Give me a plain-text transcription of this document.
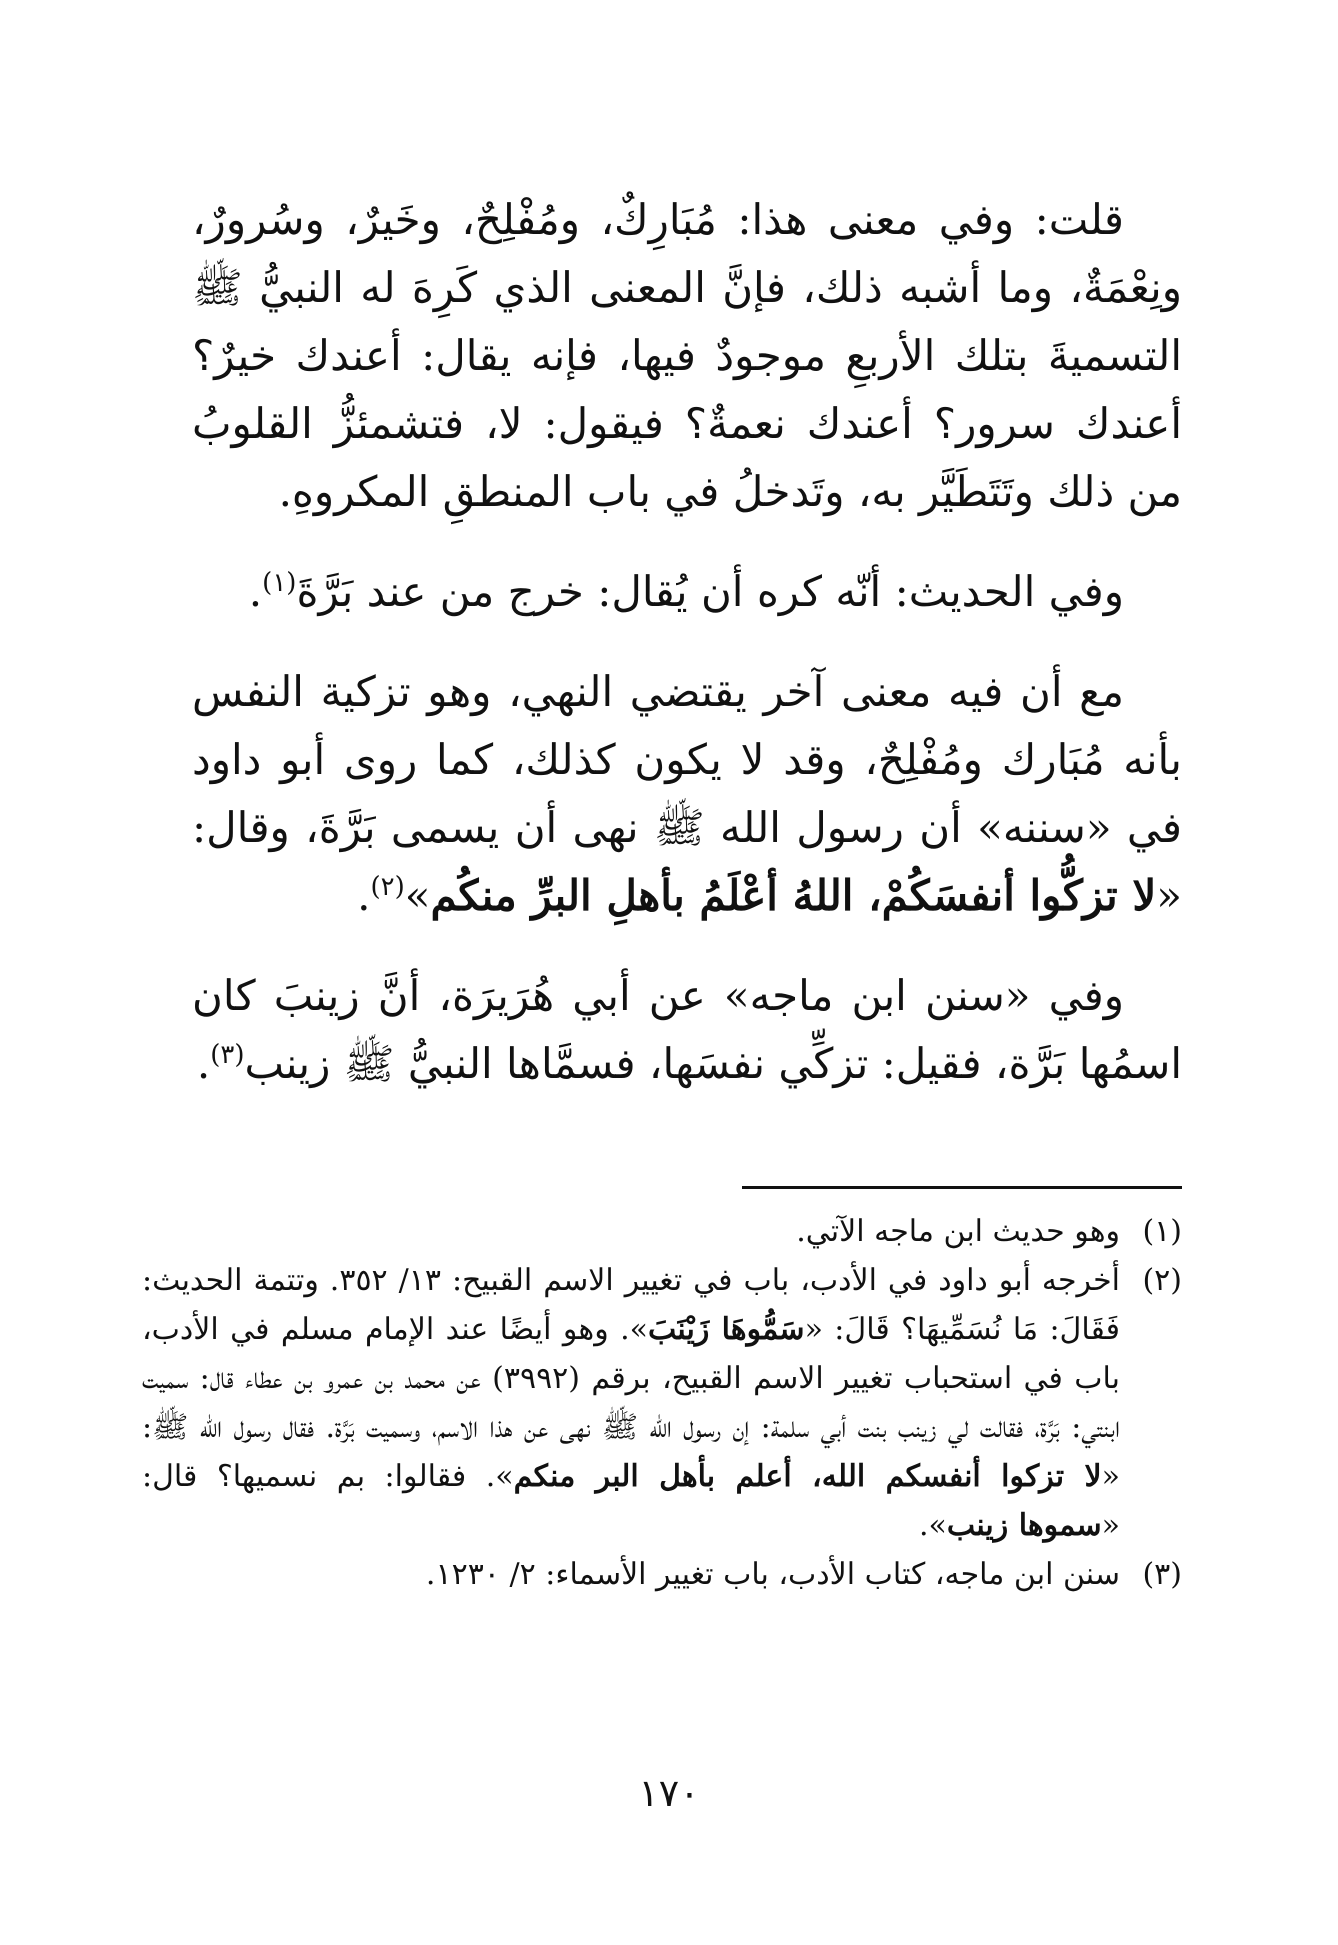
قلت: وفي معنى هذا: مُبَارِكٌ، ومُفْلِحٌ، وخَيرٌ، وسُرورٌ، ونِعْمَةٌ، وما أشبه ذلك، فإنَّ المعنى الذي كَرِهَ له النبيُّ ﷺ التسميةَ بتلك الأربعِ موجودٌ فيها، فإنه يقال: أعندك خيرٌ؟ أعندك سرور؟ أعندك نعمةٌ؟ فيقول: لا، فتشمئزُّ القلوبُ من ذلك وتَتَطَيَّر به، وتَدخلُ في باب المنطقِ المكروهِ.

وفي الحديث: أنّه كره أن يُقال: خرج من عند بَرَّةَ$^{(١)}$.

مع أن فيه معنى آخر يقتضي النهي، وهو تزكية النفس بأنه مُبَارك ومُفْلِحٌ، وقد لا يكون كذلك، كما روى أبو داود في «سننه» أن رسول الله ﷺ نهى أن يسمى بَرَّةَ، وقال: «لا تزكُّوا أنفسَكُمْ، اللهُ أعْلَمُ بأهلِ البرِّ منكُم»$^{(٢)}$.

وفي «سنن ابن ماجه» عن أبي هُرَيرَة، أنَّ زينبَ كان اسمُها بَرَّة، فقيل: تزكِّي نفسَها، فسمَّاها النبيُّ ﷺ زينب$^{(٣)}$.

(١)
وهو حديث ابن ماجه الآتي.
(٢)
أخرجه أبو داود في الأدب، باب في تغيير الاسم القبيح: ١٣/ ٣٥٢. وتتمة الحديث: فَقَالَ: مَا نُسَمِّيهَا؟ قَالَ: «سَمُّوهَا زَيْنَبَ». وهو أيضًا عند الإمام مسلم في الأدب، باب في استحباب تغيير الاسم القبيح، برقم (٣٩٩٢) عن محمد بن عمرو بن عطاء قال: سميت ابنتي: بَرَّة، فقالت لي زينب بنت أبي سلمة: إن رسول الله ﷺ نهى عن هذا الاسم، وسميت بَرَّة. فقال رسول الله ﷺ: «لا تزكوا أنفسكم الله، أعلم بأهل البر منكم». فقالوا: بم نسميها؟ قال: «سموها زينب».
(٣)
سنن ابن ماجه، كتاب الأدب، باب تغيير الأسماء: ٢/ ١٢٣٠.
١٧٠
